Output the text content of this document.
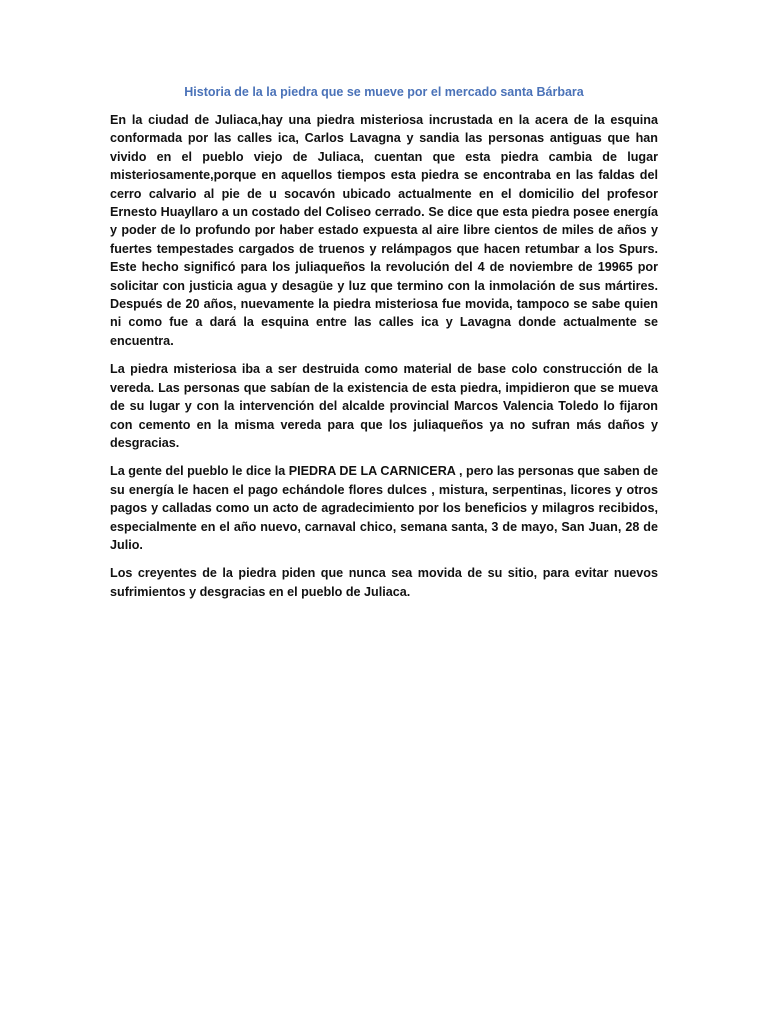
Historia de la la piedra que se mueve por el mercado santa Bárbara

En la ciudad de Juliaca,hay una piedra misteriosa incrustada en la acera de la esquina conformada por las calles ica, Carlos Lavagna y sandia las personas antiguas que han vivido en el pueblo viejo de Juliaca, cuentan que esta piedra cambia de lugar misteriosamente,porque en aquellos tiempos esta piedra se encontraba en las faldas del cerro calvario al pie de u socavón ubicado actualmente en el domicilio del profesor Ernesto Huayllaro a un costado del Coliseo cerrado. Se dice que esta piedra posee energía y poder de lo profundo por haber estado expuesta al aire libre cientos de miles de años y fuertes tempestades cargados de truenos y relámpagos que hacen retumbar a los Spurs. Este hecho significó para los juliaqueños la revolución del 4 de noviembre de 19965 por solicitar con justicia agua y desagüe y luz que termino con la inmolación de sus mártires. Después de 20 años, nuevamente la piedra misteriosa fue movida, tampoco se sabe quien ni como fue a dará la esquina entre las calles ica y Lavagna donde actualmente se encuentra.

La piedra misteriosa iba a ser destruida como material de base colo construcción de la vereda. Las personas que sabían de la existencia de esta piedra, impidieron que se mueva de su lugar y con la intervención del alcalde provincial Marcos Valencia Toledo lo fijaron con cemento en la misma vereda para que los juliaqueños ya no sufran más daños y desgracias.

La gente del pueblo le dice la PIEDRA DE LA CARNICERA , pero las personas que saben de su energía le hacen el pago echándole flores dulces , mistura, serpentinas, licores y otros pagos y calladas como un acto de agradecimiento por los beneficios y milagros recibidos, especialmente en el año nuevo, carnaval chico, semana santa, 3 de mayo, San Juan, 28 de Julio.

Los creyentes de la piedra piden que nunca sea movida de su sitio, para evitar nuevos sufrimientos y desgracias en el pueblo de Juliaca.
